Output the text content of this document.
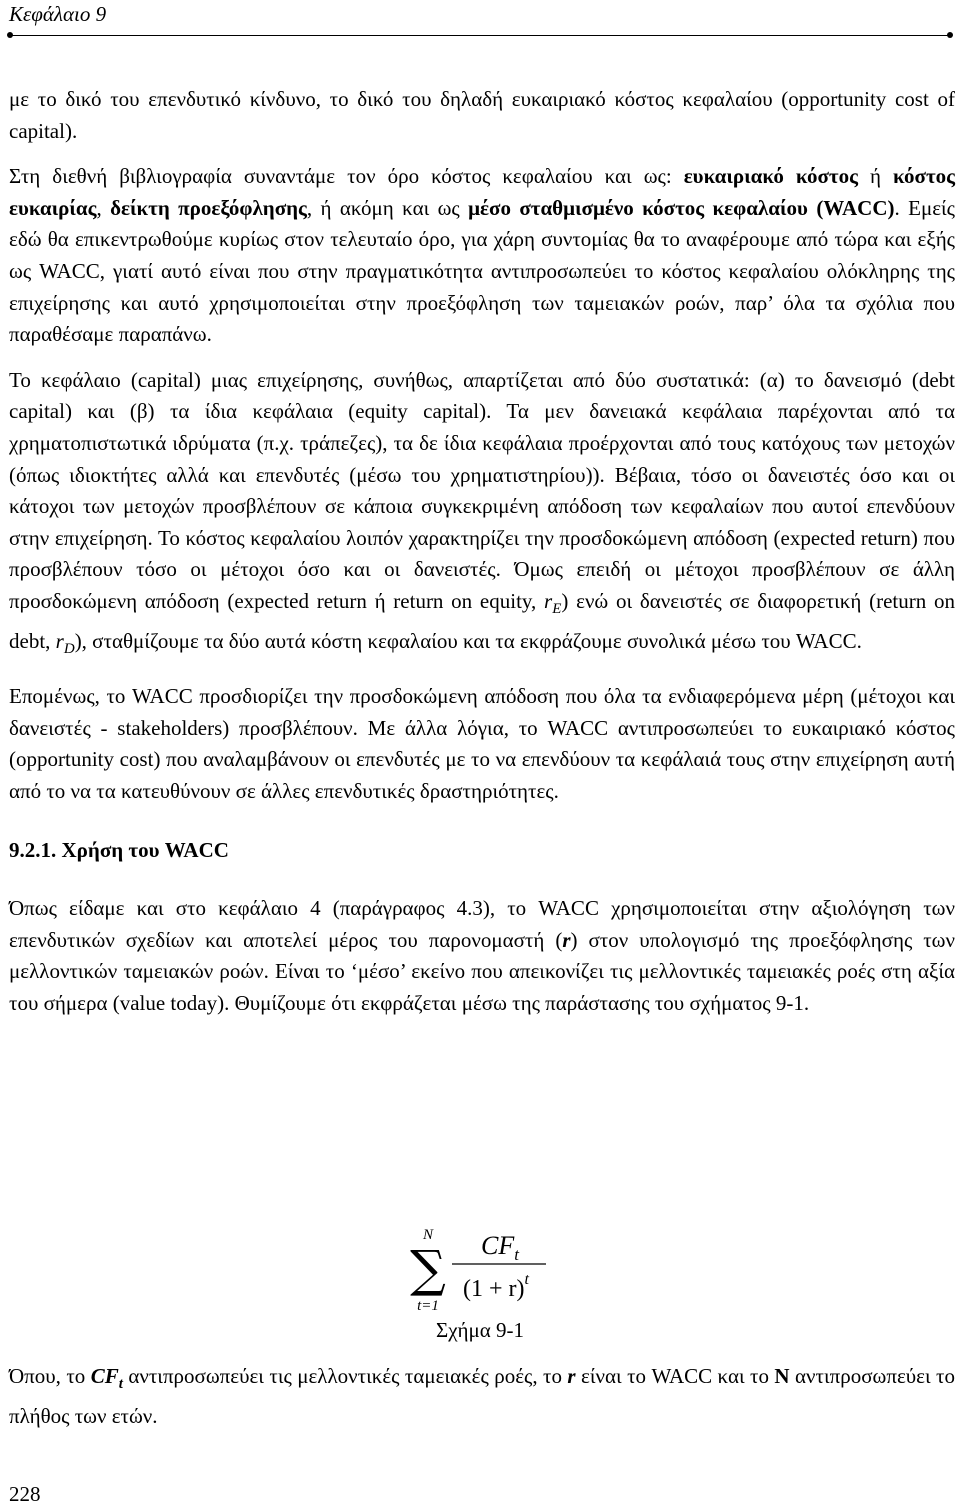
Κεφάλαιο 9

με το δικό του επενδυτικό κίνδυνο, το δικό του δηλαδή ευκαιριακό κόστος κεφαλαίου (opportunity cost of capital).

Στη διεθνή βιβλιογραφία συναντάμε τον όρο κόστος κεφαλαίου και ως: ευκαιριακό κόστος ή κόστος ευκαιρίας, δείκτη προεξόφλησης, ή ακόμη και ως μέσο σταθμισμένο κόστος κεφαλαίου (WACC). Εμείς εδώ θα επικεντρωθούμε κυρίως στον τελευταίο όρο, για χάρη συντομίας θα το αναφέρουμε από τώρα και εξής ως WACC, γιατί αυτό είναι που στην πραγματικότητα αντιπροσωπεύει το κόστος κεφαλαίου ολόκληρης της επιχείρησης και αυτό χρησιμοποιείται στην προεξόφληση των ταμειακών ροών, παρ’ όλα τα σχόλια που παραθέσαμε παραπάνω.

Το κεφάλαιο (capital) μιας επιχείρησης, συνήθως, απαρτίζεται από δύο συστατικά: (α) το δανεισμό (debt capital) και (β) τα ίδια κεφάλαια (equity capital). Τα μεν δανειακά κεφάλαια παρέχονται από τα χρηματοπιστωτικά ιδρύματα (π.χ. τράπεζες), τα δε ίδια κεφάλαια προέρχονται από τους κατόχους των μετοχών (όπως ιδιοκτήτες αλλά και επενδυτές (μέσω του χρηματιστηρίου)). Βέβαια, τόσο οι δανειστές όσο και οι κάτοχοι των μετοχών προσβλέπουν σε κάποια συγκεκριμένη απόδοση των κεφαλαίων που αυτοί επενδύουν στην επιχείρηση. Το κόστος κεφαλαίου λοιπόν χαρακτηρίζει την προσδοκώμενη απόδοση (expected return) που προσβλέπουν τόσο οι μέτοχοι όσο και οι δανειστές. Όμως επειδή οι μέτοχοι προσβλέπουν σε άλλη προσδοκώμενη απόδοση (expected return ή return on equity, $r_E$) ενώ οι δανειστές σε διαφορετική (return on debt, $r_D$), σταθμίζουμε τα δύο αυτά κόστη κεφαλαίου και τα εκφράζουμε συνολικά μέσω του WACC.

Επομένως, το WACC προσδιορίζει την προσδοκώμενη απόδοση που όλα τα ενδιαφερόμενα μέρη (μέτοχοι και δανειστές - stakeholders) προσβλέπουν. Με άλλα λόγια, το WACC αντιπροσωπεύει το ευκαιριακό κόστος (opportunity cost) που αναλαμβάνουν οι επενδυτές με το να επενδύουν τα κεφάλαιά τους στην επιχείρηση αυτή από το να τα κατευθύνουν σε άλλες επενδυτικές δραστηριότητες.

9.2.1. Χρήση του WACC

Όπως είδαμε και στο κεφάλαιο 4 (παράγραφος 4.3), το WACC χρησιμοποιείται στην αξιολόγηση των επενδυτικών σχεδίων και αποτελεί μέρος του παρονομαστή (r) στον υπολογισμό της προεξόφλησης των μελλοντικών ταμειακών ροών. Είναι το ‘μέσο’ εκείνο που απεικονίζει τις μελλοντικές ταμειακές ροές στη αξία του σήμερα (value today). Θυμίζουμε ότι εκφράζεται μέσω της παράστασης του σχήματος 9-1.

N
∑
t=1
$CF_t$
$(1 + r)^t$
Σχήμα 9-1

Όπου, το $CF_t$ αντιπροσωπεύει τις μελλοντικές ταμειακές ροές, το r είναι το WACC και το N αντιπροσωπεύει το πλήθος των ετών.

228
